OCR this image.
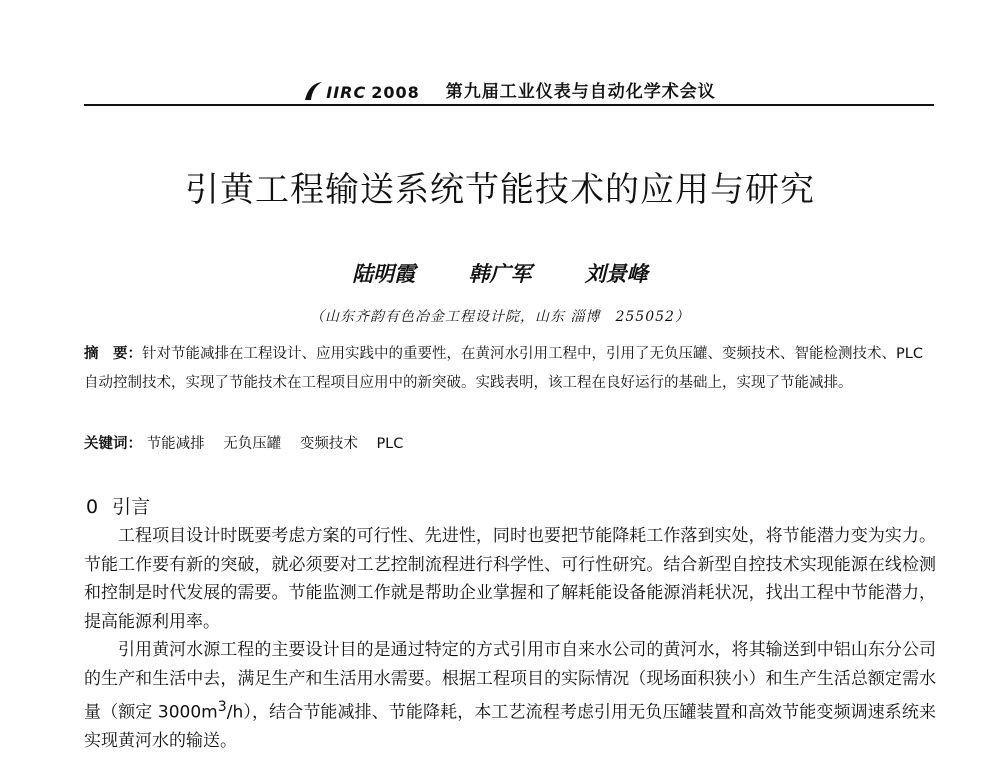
IIRC 2008 第九届工业仪表与自动化学术会议
引黄工程输送系统节能技术的应用与研究
陆明霞	韩广军	刘景峰
（山东齐韵有色冶金工程设计院，山东 淄博　255052）
摘　要：针对节能减排在工程设计、应用实践中的重要性，在黄河水引用工程中，引用了无负压罐、变频技术、智能检测技术、PLC 自动控制技术，实现了节能技术在工程项目应用中的新突破。实践表明，该工程在良好运行的基础上，实现了节能减排。
关键词： 节能减排 无负压罐 变频技术 PLC
0 引言

工程项目设计时既要考虑方案的可行性、先进性，同时也要把节能降耗工作落到实处，将节能潜力变为实力。节能工作要有新的突破，就必须要对工艺控制流程进行科学性、可行性研究。结合新型自控技术实现能源在线检测和控制是时代发展的需要。节能监测工作就是帮助企业掌握和了解耗能设备能源消耗状况，找出工程中节能潜力，提高能源利用率。

引用黄河水源工程的主要设计目的是通过特定的方式引用市自来水公司的黄河水，将其输送到中铝山东分公司的生产和生活中去，满足生产和生活用水需要。根据工程项目的实际情况（现场面积狭小）和生产生活总额定需水量（额定 $3000m^3/h$），结合节能减排、节能降耗，本工艺流程考虑引用无负压罐装置和高效节能变频调速系统来实现黄河水的输送。
